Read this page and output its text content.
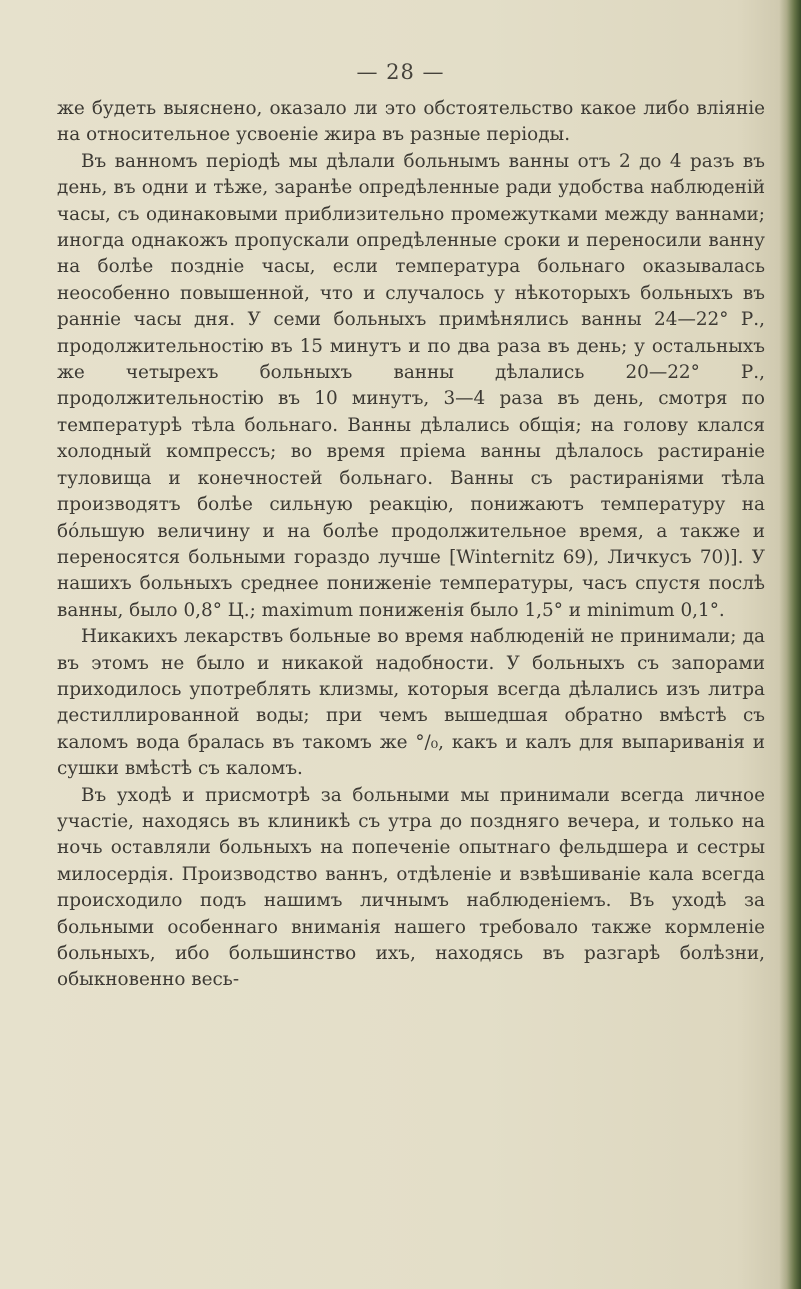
— 28 —

же будеть выяснено, оказало ли это обстоятельство какое либо вліяніе на относительное усвоеніе жира въ разные періоды.

Въ ванномъ періодѣ мы дѣлали больнымъ ванны отъ 2 до 4 разъ въ день, въ одни и тѣже, заранѣе опредѣленные ради удобства наблюденій часы, съ одинаковыми приблизительно промежутками между ваннами; иногда однакожъ пропускали опредѣленные сроки и переносили ванну на болѣе поздніе часы, если температура больнаго оказывалась неособенно повышенной, что и случалось у нѣкоторыхъ больныхъ въ ранніе часы дня. У семи больныхъ примѣнялись ванны 24—22° Р., продолжительностію въ 15 минутъ и по два раза въ день; у остальныхъ же четырехъ больныхъ ванны дѣлались 20—22° Р., продолжительностію въ 10 минутъ, 3—4 раза въ день, смотря по температурѣ тѣла больнаго. Ванны дѣлались общія; на голову клался холодный компрессъ; во время пріема ванны дѣлалось растираніе туловища и конечностей больнаго. Ванны съ растираніями тѣла производятъ болѣе сильную реакцію, понижаютъ температуру на бóльшую величину и на болѣе продолжительное время, а также и переносятся больными гораздо лучше [Winternitz 69), Личкусъ 70)]. У нашихъ больныхъ среднее пониженіе температуры, часъ спустя послѣ ванны, было 0,8° Ц.; maximum пониженія было 1,5° и minimum 0,1°.

Никакихъ лекарствъ больные во время наблюденій не принимали; да въ этомъ не было и никакой надобности. У больныхъ съ запорами приходилось употреблять клизмы, которыя всегда дѣлались изъ литра дестиллированной воды; при чемъ вышедшая обратно вмѣстѣ съ каломъ вода бралась въ такомъ же °/₀, какъ и калъ для выпариванія и сушки вмѣстѣ съ каломъ.

Въ уходѣ и присмотрѣ за больными мы принимали всегда личное участіе, находясь въ клиникѣ съ утра до поздняго вечера, и только на ночь оставляли больныхъ на попеченіе опытнаго фельдшера и сестры милосердія. Производство ваннъ, отдѣленіе и взвѣшиваніе кала всегда происходило подъ нашимъ личнымъ наблюденіемъ. Въ уходѣ за больными особеннаго вниманія нашего требовало также кормленіе больныхъ, ибо большинство ихъ, находясь въ разгарѣ болѣзни, обыкновенно весь-
